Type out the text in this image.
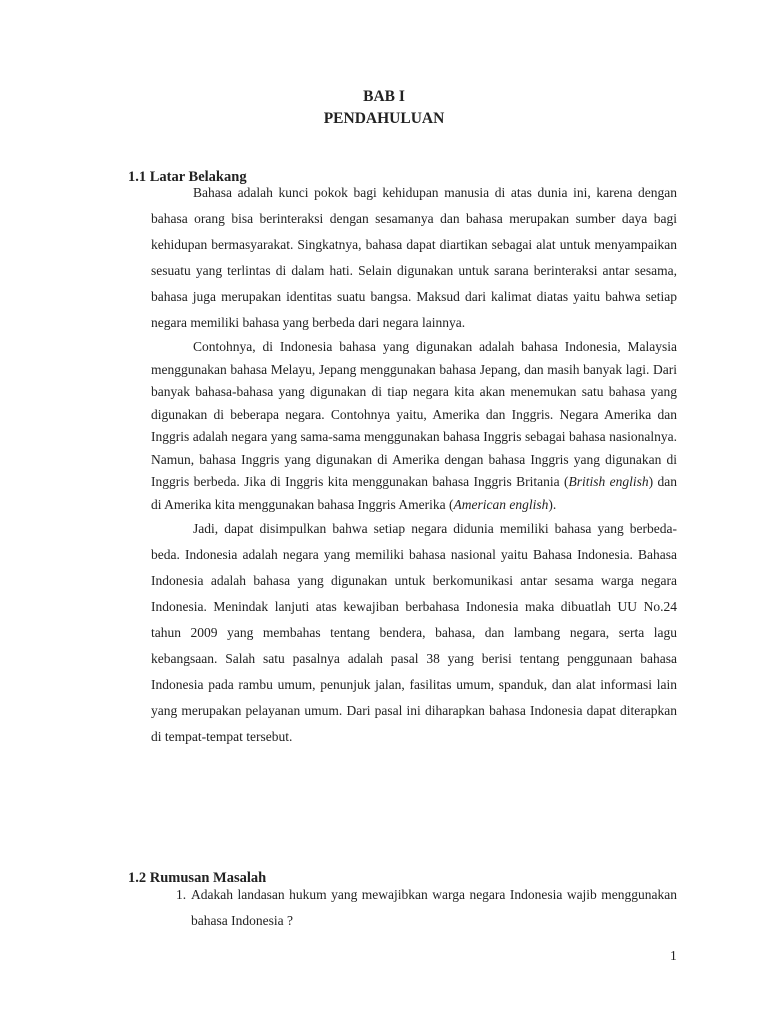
BAB I
PENDAHULUAN
1.1 Latar Belakang

Bahasa adalah kunci pokok bagi kehidupan manusia di atas dunia ini, karena dengan bahasa orang bisa berinteraksi dengan sesamanya dan bahasa merupakan sumber daya bagi kehidupan bermasyarakat. Singkatnya, bahasa dapat diartikan sebagai alat untuk menyampaikan sesuatu yang terlintas di dalam hati. Selain digunakan untuk sarana berinteraksi antar sesama, bahasa juga merupakan identitas suatu bangsa. Maksud dari kalimat diatas yaitu bahwa setiap negara memiliki bahasa yang berbeda dari negara lainnya.

Contohnya, di Indonesia bahasa yang digunakan adalah bahasa Indonesia, Malaysia menggunakan bahasa Melayu, Jepang menggunakan bahasa Jepang, dan masih banyak lagi. Dari banyak bahasa-bahasa yang digunakan di tiap negara kita akan menemukan satu bahasa yang digunakan di beberapa negara. Contohnya yaitu, Amerika dan Inggris. Negara Amerika dan Inggris adalah negara yang sama-sama menggunakan bahasa Inggris sebagai bahasa nasionalnya. Namun, bahasa Inggris yang digunakan di Amerika dengan bahasa Inggris yang digunakan di Inggris berbeda. Jika di Inggris kita menggunakan bahasa Inggris Britania (British english) dan di Amerika kita menggunakan bahasa Inggris Amerika (American english).

Jadi, dapat disimpulkan bahwa setiap negara didunia memiliki bahasa yang berbeda-beda. Indonesia adalah negara yang memiliki bahasa nasional yaitu Bahasa Indonesia. Bahasa Indonesia adalah bahasa yang digunakan untuk berkomunikasi antar sesama warga negara Indonesia. Menindak lanjuti atas kewajiban berbahasa Indonesia maka dibuatlah UU No.24 tahun 2009 yang membahas tentang bendera, bahasa, dan lambang negara, serta lagu kebangsaan. Salah satu pasalnya adalah pasal 38 yang berisi tentang penggunaan bahasa Indonesia pada rambu umum, penunjuk jalan, fasilitas umum, spanduk, dan alat informasi lain yang merupakan pelayanan umum. Dari pasal ini diharapkan bahasa Indonesia dapat diterapkan di tempat-tempat tersebut.

1.2 Rumusan Masalah
1. Adakah landasan hukum yang mewajibkan warga negara Indonesia wajib menggunakan bahasa Indonesia ?
1
